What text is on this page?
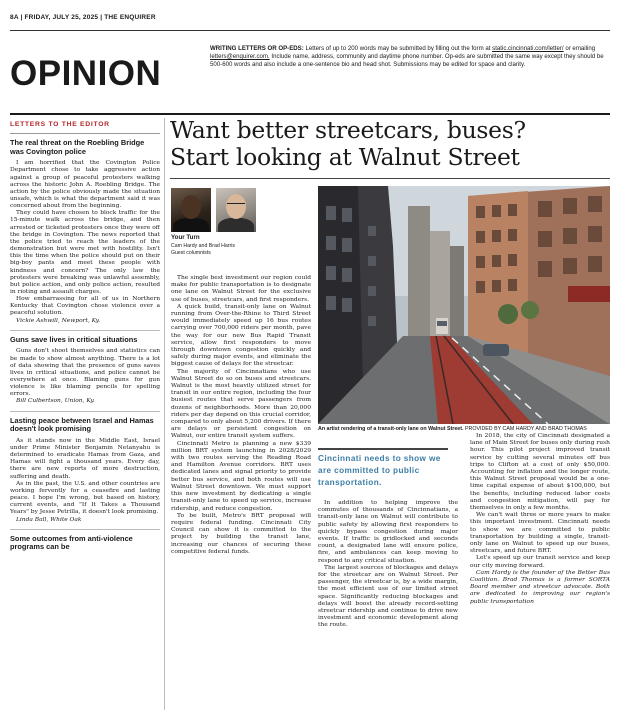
8A | FRIDAY, JULY 25, 2025 | THE ENQUIRER
OPINION
WRITING LETTERS OR OP-EDS: Letters of up to 200 words may be submitted by filling out the form at static.cincinnati.com/letter/ or emailing letters@enquirer.com. Include name, address, community and daytime phone number. Op-eds are submitted the same way except they should be 500-600 words and also include a one-sentence bio and head shot. Submissions may be edited for space and clarity.
LETTERS TO THE EDITOR
The real threat on the Roebling Bridge was Covington police

I am horrified that the Covington Police Department chose to take aggressive action against a group of peaceful protesters walking across the historic John A. Roebling Bridge. The action by the police obviously made the situation unsafe, which is what the department said it was concerned about from the beginning.

They could have chosen to block traffic for the 15-minute walk across the bridge, and then arrested or ticketed protesters once they were off the bridge in Covington. The news reported that the police tried to reach the leaders of the demonstration but were met with hostility. Isn't this the time when the police should put on their big-boy pants and meet these people with kindness and concern? The only law the protesters were breaking was unlawful assembly, but police action, and only police action, resulted in rioting and assault charges.

How embarrassing for all of us in Northern Kentucky that Covington chose violence over a peaceful solution.

Vickie Ashwill, Newport, Ky.
Guns save lives in critical situations

Guns don't shoot themselves and statistics can be made to show almost anything. There is a lot of data showing that the presence of guns saves lives in critical situations, and police cannot be everywhere at once. Blaming guns for gun violence is like blaming pencils for spelling errors.

Bill Culbertson, Union, Ky.
Lasting peace between Israel and Hamas doesn't look promising

As it stands now in the Middle East, Israel under Prime Minister Benjamin Netanyahu is determined to eradicate Hamas from Gaza, and Hamas will fight a thousand years. Every day, there are new reports of more destruction, suffering and death.

As in the past, the U.S. and other countries are working fervently for a ceasefire and lasting peace. I hope I'm wrong, but based on history, current events, and "If It Takes a Thousand Years" by Jesse Petrilla, it doesn't look promising.

Linda Ball, White Oak
Some outcomes from anti-violence programs can be
Want better streetcars, buses?
Start looking at Walnut Street
Your Turn
Cam Hardy and Brad Harris
Guest columnists

The single best investment our region could make for public transportation is to designate one lane on Walnut Street for the exclusive use of buses, streetcars, and first responders.

A quick build, transit-only lane on Walnut running from Over-the-Rhine to Third Street would immediately speed up 16 bus routes carrying over 700,000 riders per month, pave the way for our new Bus Rapid Transit service, allow first responders to move through downtown congestion quickly and safely during major events, and eliminate the biggest cause of delays for the streetcar.

The majority of Cincinnatians who use Walnut Street do so on buses and streetcars. Walnut is the most heavily utilized street for transit in our entire region, including the four busiest routes that serve passengers from dozens of neighborhoods. More than 20,000 riders per day depend on this crucial corridor, compared to only about 5,200 drivers. If there are delays or persistent congestion on Walnut, our entire transit system suffers.

Cincinnati Metro is planning a new $339 million BRT system launching in 2028/2029 with two routes serving the Reading Road and Hamilton Avenue corridors. BRT uses dedicated lanes and signal priority to provide better bus service, and both routes will use Walnut Street downtown. We must support this new investment by dedicating a single transit-only lane to speed up service, increase ridership, and reduce congestion.

To be built, Metro's BRT proposal will require federal funding. Cincinnati City Council can show it is committed to the project by building the transit lane, increasing our chances of securing these competitive federal funds.

An artist rendering of a transit-only lane on Walnut Street. PROVIDED BY CAM HARDY AND BRAD THOMAS
Cincinnati needs to show we are committed to public transportation.

In addition to helping improve the commutes of thousands of Cincinnatians, a transit-only lane on Walnut will contribute to public safety by allowing first responders to quickly bypass congestion during major events. If traffic is gridlocked and seconds count, a designated lane will ensure police, fire, and ambulances can keep moving to respond to any critical situation.

The largest sources of blockages and delays for the streetcar are on Walnut Street. Per passenger, the streetcar is, by a wide margin, the most efficient use of our limited street space. Significantly reducing blockages and delays will boost the already record-setting streetcar ridership and continue to drive new investment and economic development along the route.

In 2018, the city of Cincinnati designated a lane of Main Street for buses only during rush hour. This pilot project improved transit service by cutting several minutes off bus trips to Clifton at a cost of only $50,000. Accounting for inflation and the longer route, this Walnut Street proposal would be a one-time capital expense of about $100,000, but the benefits, including reduced labor costs and congestion mitigation, will pay for themselves in only a few months.

We can't wait three or more years to make this important investment. Cincinnati needs to show we are committed to public transportation by building a single, transit-only lane on Walnut to speed up our buses, streetcars, and future BRT.

Let's speed up our transit service and keep our city moving forward.

Cam Hardy is the founder of the Better Bus Coalition. Brad Thomas is a former SORTA Board member and streetcar advocate. Both are dedicated to improving our region's public transportation
